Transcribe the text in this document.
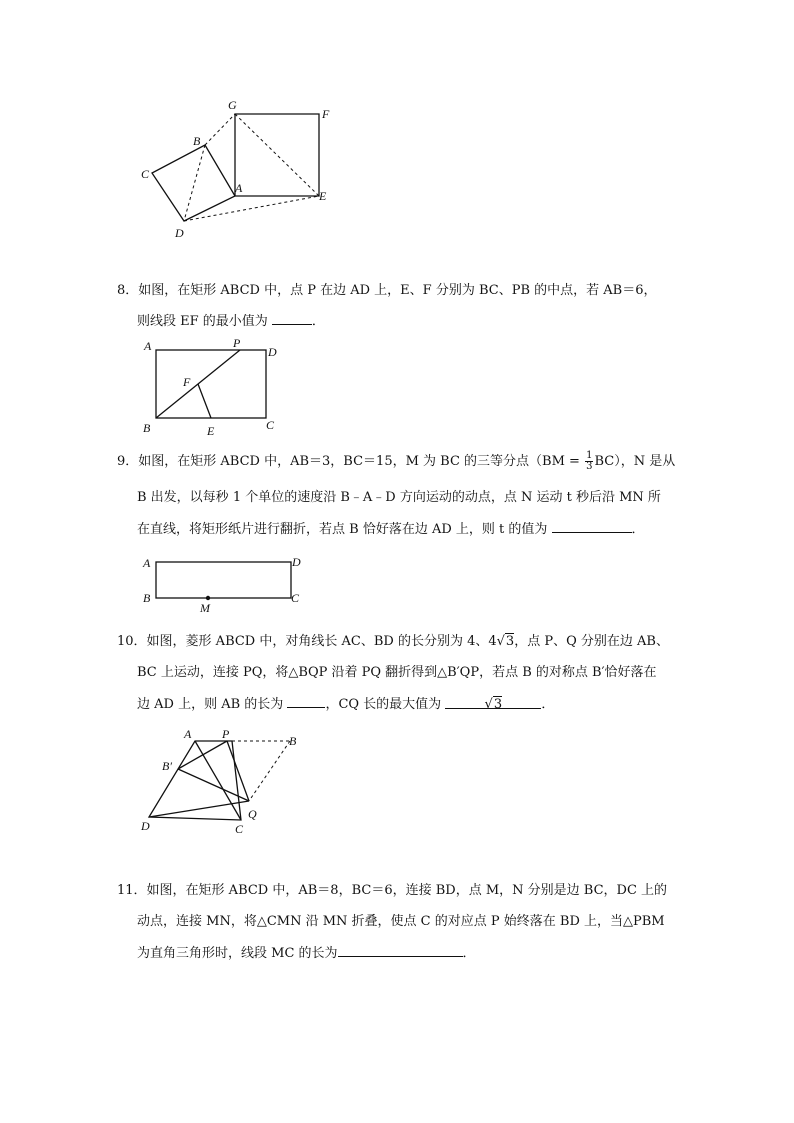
G
F
B
C
A
E
D
8．如图，在矩形 ABCD 中，点 P 在边 AD 上，E、F 分别为 BC、PB 的中点，若 AB＝6，
则线段 EF 的最小值为	．
A	P
D
F
B	E	C
9．如图，在矩形 ABCD 中，AB＝3，BC＝15，M 为 BC 的三等分点$(BM = \frac{1}{3} BC)$，N 是从
B 出发，以每秒 1 个单位的速度沿 B﹣A﹣D 方向运动的动点，点 N 运动 t 秒后沿 MN 所
在直线，将矩形纸片进行翻折，若点 B 恰好落在边 AD 上，则 t 的值为	．
A	D
B
M
C
10．如图，菱形 ABCD 中，对角线长 AC、BD 的长分别为 4、4√3，点 P、Q 分别在边 AB、
BC 上运动，连接 PQ，将△BQP 沿着 PQ 翻折得到△B′QP，若点 B 的对称点 B′恰好落在
边 AD 上，则 AB 的长为	，CQ 长的最大值为	√3	．
A	P	B
B′
D	C
Q
11．如图，在矩形 ABCD 中，AB＝8，BC＝6，连接 BD，点 M，N 分别是边 BC，DC 上的
动点，连接 MN，将△CMN 沿 MN 折叠，使点 C 的对应点 P 始终落在 BD 上，当△PBM
为直角三角形时，线段 MC 的长为	．
